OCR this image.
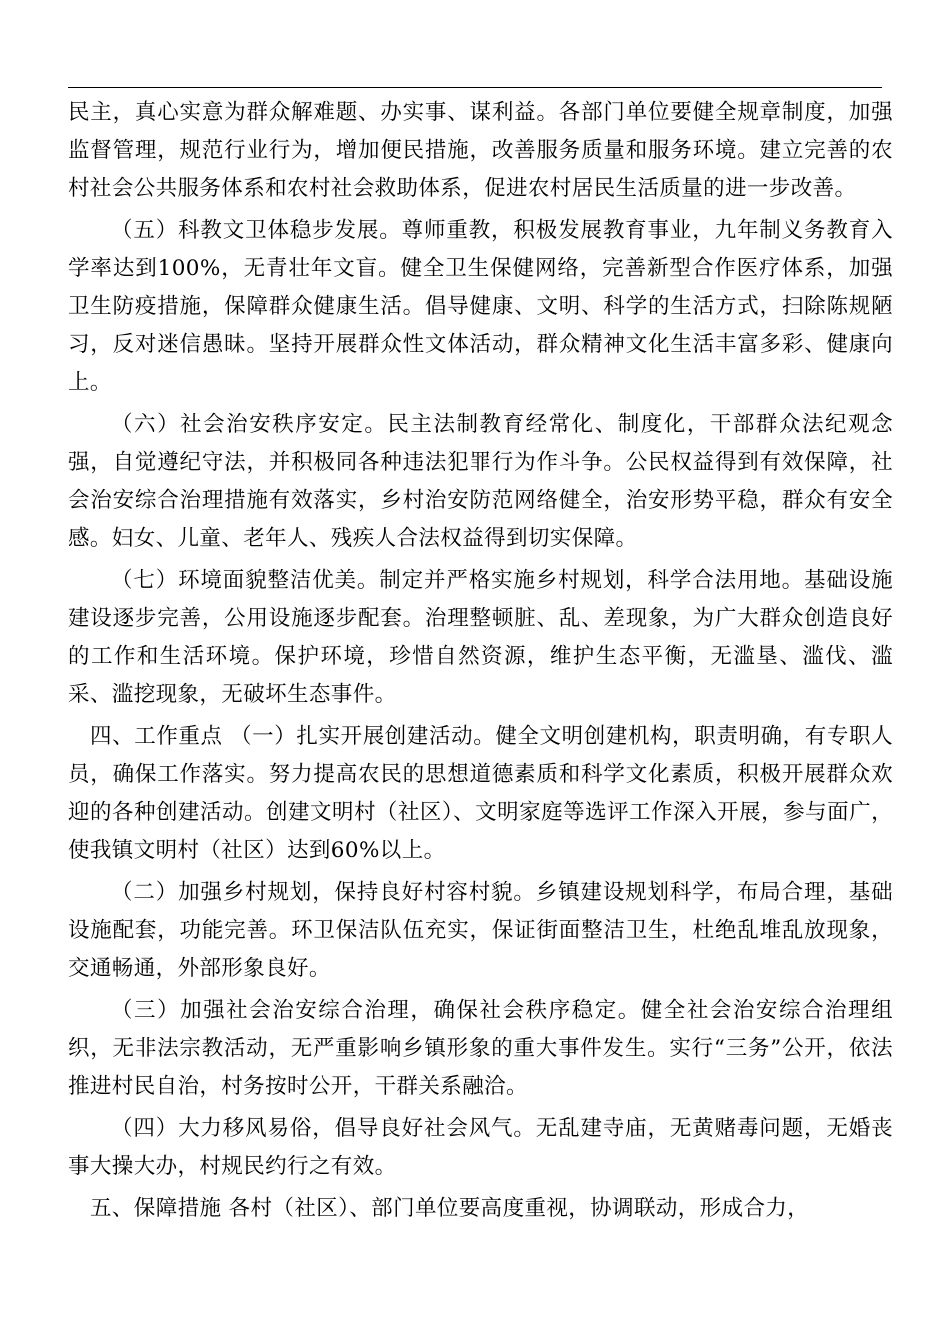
民主，真心实意为群众解难题、办实事、谋利益。各部门单位要健全规章制度，加强监督管理，规范行业行为，增加便民措施，改善服务质量和服务环境。建立完善的农村社会公共服务体系和农村社会救助体系，促进农村居民生活质量的进一步改善。

（五）科教文卫体稳步发展。尊师重教，积极发展教育事业，九年制义务教育入学率达到100%，无青壮年文盲。健全卫生保健网络，完善新型合作医疗体系，加强卫生防疫措施，保障群众健康生活。倡导健康、文明、科学的生活方式，扫除陈规陋习，反对迷信愚昧。坚持开展群众性文体活动，群众精神文化生活丰富多彩、健康向上。

（六）社会治安秩序安定。民主法制教育经常化、制度化，干部群众法纪观念强，自觉遵纪守法，并积极同各种违法犯罪行为作斗争。公民权益得到有效保障，社会治安综合治理措施有效落实，乡村治安防范网络健全，治安形势平稳，群众有安全感。妇女、儿童、老年人、残疾人合法权益得到切实保障。

（七）环境面貌整洁优美。制定并严格实施乡村规划，科学合法用地。基础设施建设逐步完善，公用设施逐步配套。治理整顿脏、乱、差现象，为广大群众创造良好的工作和生活环境。保护环境，珍惜自然资源，维护生态平衡，无滥垦、滥伐、滥采、滥挖现象，无破坏生态事件。

四、工作重点 （一）扎实开展创建活动。健全文明创建机构，职责明确，有专职人员，确保工作落实。努力提高农民的思想道德素质和科学文化素质，积极开展群众欢迎的各种创建活动。创建文明村（社区）、文明家庭等选评工作深入开展，参与面广，使我镇文明村（社区）达到60%以上。

（二）加强乡村规划，保持良好村容村貌。乡镇建设规划科学，布局合理，基础设施配套，功能完善。环卫保洁队伍充实，保证街面整洁卫生，杜绝乱堆乱放现象，交通畅通，外部形象良好。

（三）加强社会治安综合治理，确保社会秩序稳定。健全社会治安综合治理组织，无非法宗教活动，无严重影响乡镇形象的重大事件发生。实行“三务”公开，依法推进村民自治，村务按时公开，干群关系融洽。

（四）大力移风易俗，倡导良好社会风气。无乱建寺庙，无黄赌毒问题，无婚丧事大操大办，村规民约行之有效。

五、保障措施 各村（社区）、部门单位要高度重视，协调联动，形成合力，
